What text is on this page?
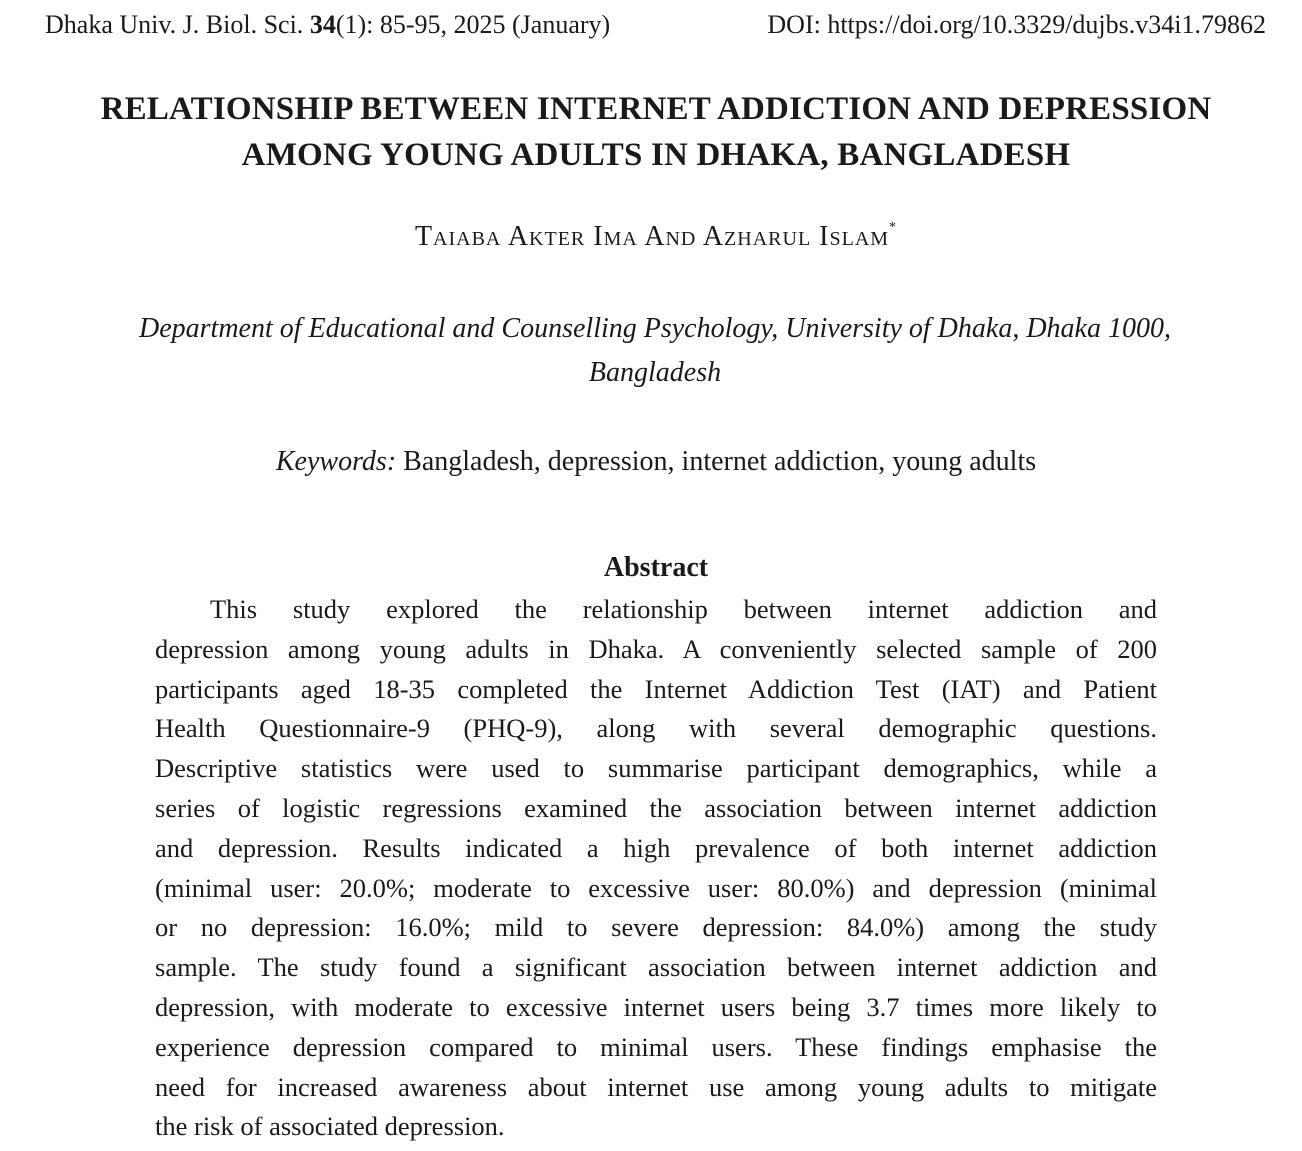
Dhaka Univ. J. Biol. Sci. 34(1): 85-95, 2025 (January)	DOI: https://doi.org/10.3329/dujbs.v34i1.79862
RELATIONSHIP BETWEEN INTERNET ADDICTION AND DEPRESSION
AMONG YOUNG ADULTS IN DHAKA, BANGLADESH
Taiaba Akter Ima And Azharul Islam*
Department of Educational and Counselling Psychology, University of Dhaka, Dhaka 1000,
Bangladesh
Keywords: Bangladesh, depression, internet addiction, young adults
Abstract
This study explored the relationship between internet addiction and
depression among young adults in Dhaka. A conveniently selected sample of 200
participants aged 18-35 completed the Internet Addiction Test (IAT) and Patient
Health Questionnaire-9 (PHQ-9), along with several demographic questions.
Descriptive statistics were used to summarise participant demographics, while a
series of logistic regressions examined the association between internet addiction
and depression. Results indicated a high prevalence of both internet addiction
(minimal user: 20.0%; moderate to excessive user: 80.0%) and depression (minimal
or no depression: 16.0%; mild to severe depression: 84.0%) among the study
sample. The study found a significant association between internet addiction and
depression, with moderate to excessive internet users being 3.7 times more likely to
experience depression compared to minimal users. These findings emphasise the
need for increased awareness about internet use among young adults to mitigate
the risk of associated depression.
